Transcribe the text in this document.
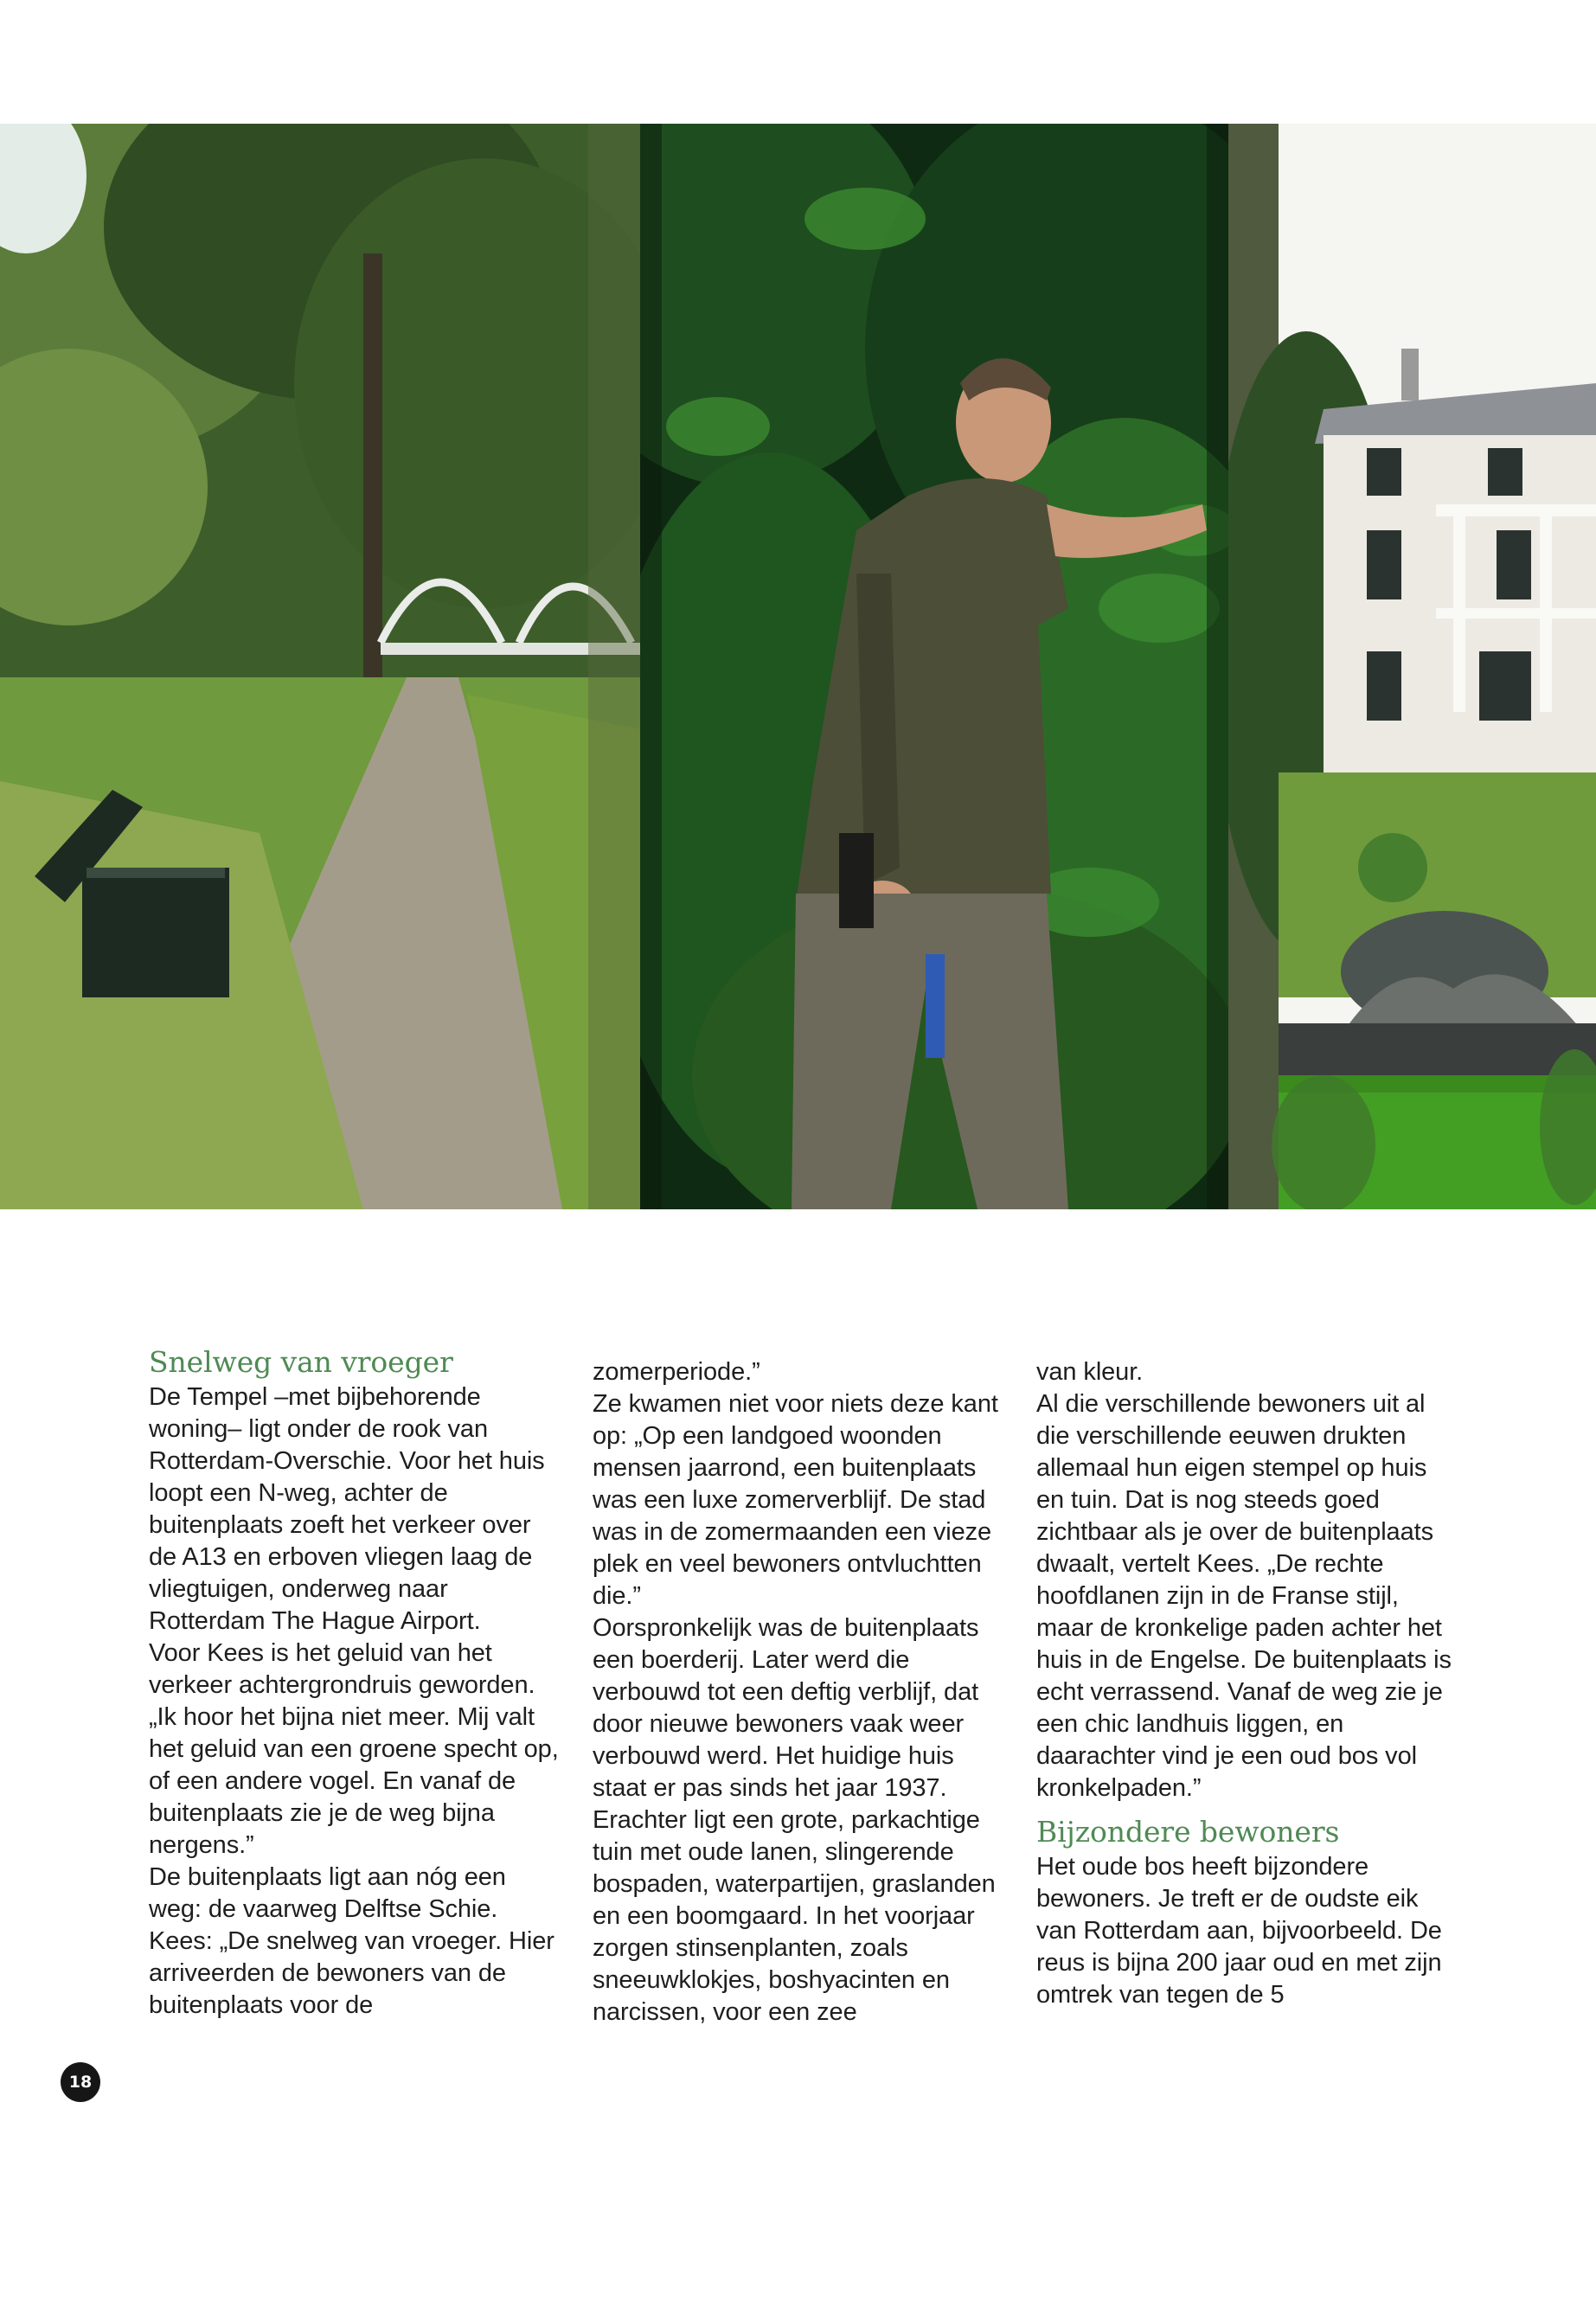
Snelweg van vroeger

De Tempel –met bijbehorende woning– ligt onder de rook van Rotterdam-Overschie. Voor het huis loopt een N-weg, achter de buitenplaats zoeft het verkeer over de A13 en erboven vliegen laag de vliegtuigen, onderweg naar Rotterdam The Hague Airport.

Voor Kees is het geluid van het verkeer achtergrondruis geworden. „Ik hoor het bijna niet meer. Mij valt het geluid van een groene specht op, of een andere vogel. En vanaf de buitenplaats zie je de weg bijna nergens.”

De buitenplaats ligt aan nóg een weg: de vaarweg Delftse Schie. Kees: „De snelweg van vroeger. Hier arriveerden de bewoners van de buitenplaats voor de

zomerperiode.”

Ze kwamen niet voor niets deze kant op: „Op een landgoed woonden mensen jaarrond, een buitenplaats was een luxe zomerverblijf. De stad was in de zomermaanden een vieze plek en veel bewoners ontvluchtten die.”

Oorspronkelijk was de buitenplaats een boerderij. Later werd die verbouwd tot een deftig verblijf, dat door nieuwe bewoners vaak weer verbouwd werd. Het huidige huis staat er pas sinds het jaar 1937. Erachter ligt een grote, parkachtige tuin met oude lanen, slingerende bospaden, waterpartijen, graslanden en een boomgaard. In het voorjaar zorgen stinsenplanten, zoals sneeuwklokjes, boshyacinten en narcissen, voor een zee

van kleur.

Al die verschillende bewoners uit al die verschillende eeuwen drukten allemaal hun eigen stempel op huis en tuin. Dat is nog steeds goed zichtbaar als je over de buitenplaats dwaalt, vertelt Kees. „De rechte hoofdlanen zijn in de Franse stijl, maar de kronkelige paden achter het huis in de Engelse. De buitenplaats is echt verrassend. Vanaf de weg zie je een chic landhuis liggen, en daarachter vind je een oud bos vol kronkelpaden.”

Bijzondere bewoners

Het oude bos heeft bijzondere bewoners. Je treft er de oudste eik van Rotterdam aan, bijvoorbeeld. De reus is bijna 200 jaar oud en met zijn omtrek van tegen de 5

18
